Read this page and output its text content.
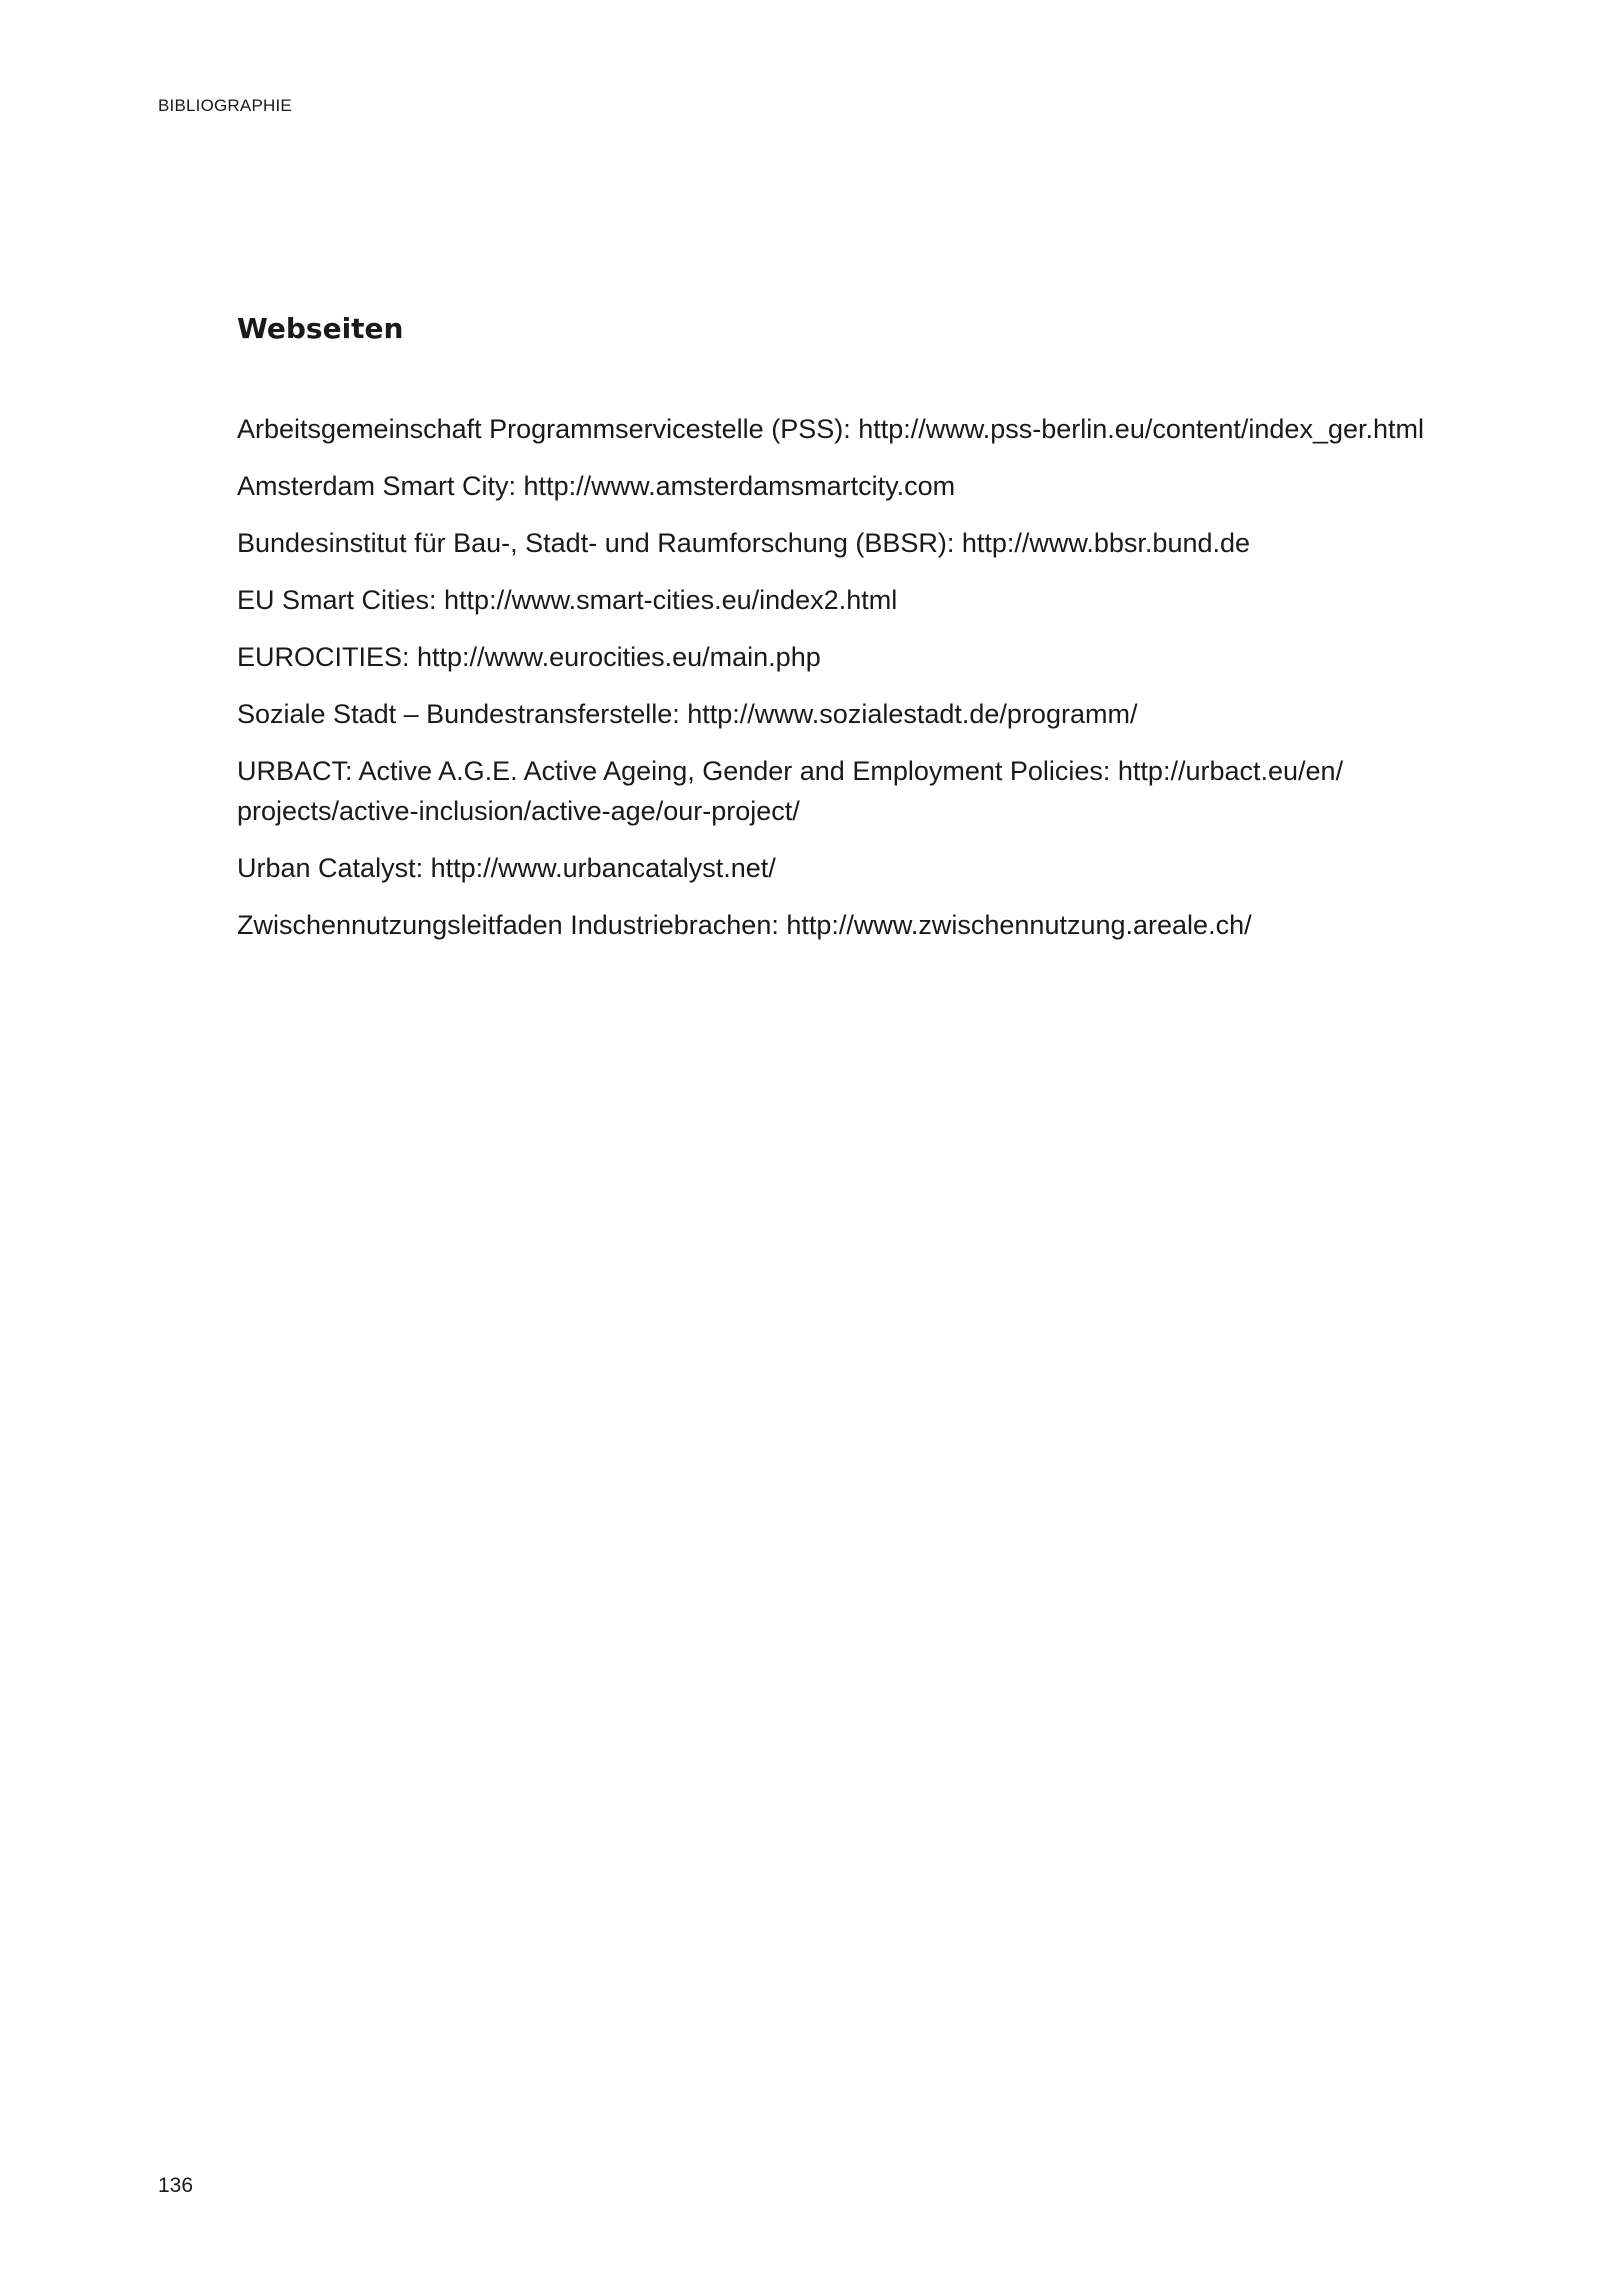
BIBLIOGRAPHIE
Webseiten
Arbeitsgemeinschaft Programmservicestelle (PSS): http://www.pss-berlin.eu/content/index_ger.html
Amsterdam Smart City: http://www.amsterdamsmartcity.com
Bundesinstitut für Bau-, Stadt- und Raumforschung (BBSR): http://www.bbsr.bund.de
EU Smart Cities: http://www.smart-cities.eu/index2.html
EUROCITIES: http://www.eurocities.eu/main.php
Soziale Stadt – Bundestransferstelle: http://www.sozialestadt.de/programm/
URBACT: Active A.G.E. Active Ageing, Gender and Employment Policies: http://urbact.eu/en/
projects/active-inclusion/active-age/our-project/
Urban Catalyst: http://www.urbancatalyst.net/
Zwischennutzungsleitfaden Industriebrachen: http://www.zwischennutzung.areale.ch/
136
